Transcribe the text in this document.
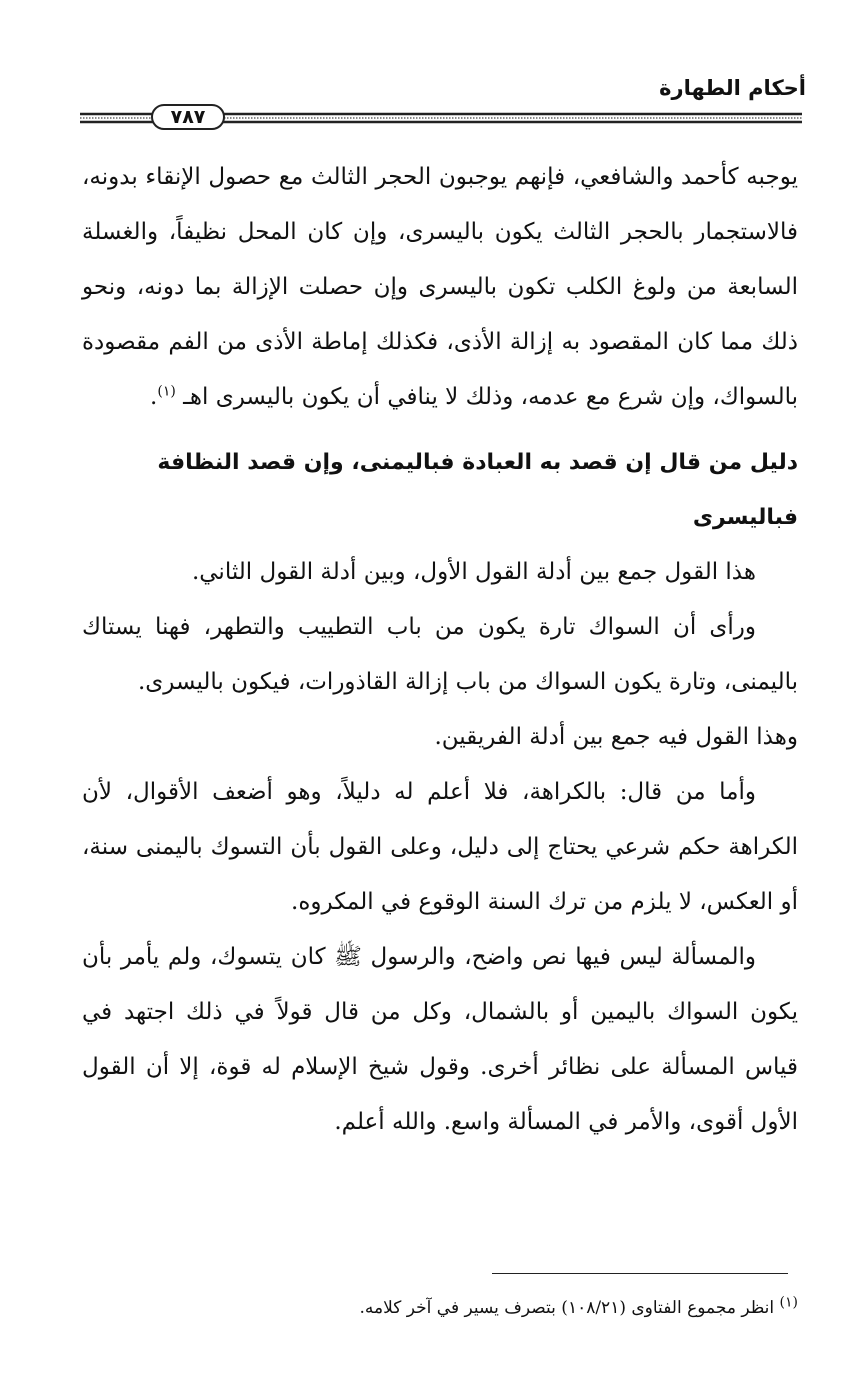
أحكام الطهارة
٧٨٧

يوجبه كأحمد والشافعي، فإنهم يوجبون الحجر الثالث مع حصول الإنقاء بدونه، فالاستجمار بالحجر الثالث يكون باليسرى، وإن كان المحل نظيفاً، والغسلة السابعة من ولوغ الكلب تكون باليسرى وإن حصلت الإزالة بما دونه، ونحو ذلك مما كان المقصود به إزالة الأذى، فكذلك إماطة الأذى من الفم مقصودة بالسواك، وإن شرع مع عدمه، وذلك لا ينافي أن يكون باليسرى اهـ $^{(١)}$.

دليل من قال إن قصد به العبادة فباليمنى، وإن قصد النظافة فباليسرى

هذا القول جمع بين أدلة القول الأول، وبين أدلة القول الثاني.

ورأى أن السواك تارة يكون من باب التطييب والتطهر، فهنا يستاك باليمنى، وتارة يكون السواك من باب إزالة القاذورات، فيكون باليسرى.

وهذا القول فيه جمع بين أدلة الفريقين.

وأما من قال: بالكراهة، فلا أعلم له دليلاً، وهو أضعف الأقوال، لأن الكراهة حكم شرعي يحتاج إلى دليل، وعلى القول بأن التسوك باليمنى سنة، أو العكس، لا يلزم من ترك السنة الوقوع في المكروه.

والمسألة ليس فيها نص واضح، والرسول ﷺ كان يتسوك، ولم يأمر بأن يكون السواك باليمين أو بالشمال، وكل من قال قولاً في ذلك اجتهد في قياس المسألة على نظائر أخرى. وقول شيخ الإسلام له قوة، إلا أن القول الأول أقوى، والأمر في المسألة واسع. والله أعلم.

$^{(١)}$ انظر مجموع الفتاوى (١٠٨/٢١) بتصرف يسير في آخر كلامه.
